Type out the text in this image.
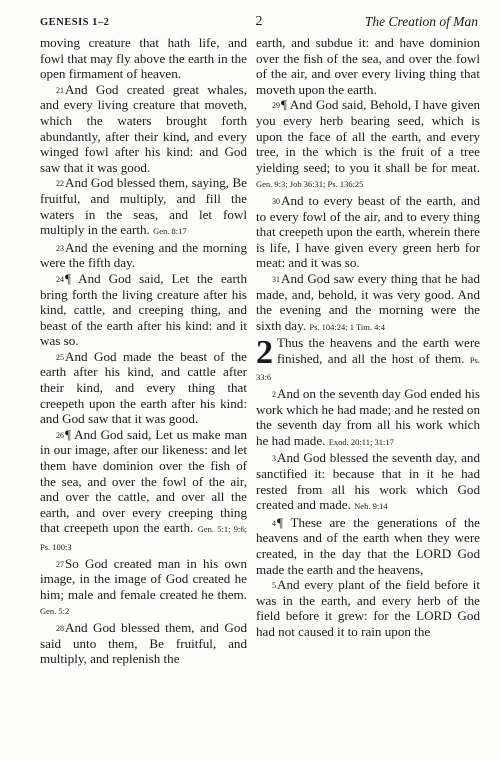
GENESIS 1–2	2	The Creation of Man

moving creature that hath life, and fowl that may fly above the earth in the open firmament of heaven.

$^{21}$And God created great whales, and every living creature that moveth, which the waters brought forth abundantly, after their kind, and every winged fowl after his kind: and God saw that it was good.

$^{22}$And God blessed them, saying, Be fruitful, and multiply, and fill the waters in the seas, and let fowl multiply in the earth. Gen. 8:17

$^{23}$And the evening and the morning were the fifth day.

$^{24}$¶ And God said, Let the earth bring forth the living creature after his kind, cattle, and creeping thing, and beast of the earth after his kind: and it was so.

$^{25}$And God made the beast of the earth after his kind, and cattle after their kind, and every thing that creepeth upon the earth after his kind: and God saw that it was good.

$^{26}$¶ And God said, Let us make man in our image, after our likeness: and let them have dominion over the fish of the sea, and over the fowl of the air, and over the cattle, and over all the earth, and over every creeping thing that creepeth upon the earth. Gen. 5:1; 9:6; Ps. 100:3

$^{27}$So God created man in his own image, in the image of God created he him; male and female created he them. Gen. 5:2

$^{28}$And God blessed them, and God said unto them, Be fruitful, and multiply, and replenish the

earth, and subdue it: and have dominion over the fish of the sea, and over the fowl of the air, and over every living thing that moveth upon the earth.

$^{29}$¶ And God said, Behold, I have given you every herb bearing seed, which is upon the face of all the earth, and every tree, in the which is the fruit of a tree yielding seed; to you it shall be for meat. Gen. 9:3; Job 36:31; Ps. 136:25

$^{30}$And to every beast of the earth, and to every fowl of the air, and to every thing that creepeth upon the earth, wherein there is life, I have given every green herb for meat: and it was so.

$^{31}$And God saw every thing that he had made, and, behold, it was very good. And the evening and the morning were the sixth day. Ps. 104:24; 1 Tim. 4:4

2 Thus the heavens and the earth were finished, and all the host of them. Ps. 33:6

$^2$And on the seventh day God ended his work which he had made; and he rested on the seventh day from all his work which he had made. Exod. 20:11; 31:17

$^3$And God blessed the seventh day, and sanctified it: because that in it he had rested from all his work which God created and made. Neh. 9:14

$^4$¶ These are the generations of the heavens and of the earth when they were created, in the day that the LORD God made the earth and the heavens,

$^5$And every plant of the field before it was in the earth, and every herb of the field before it grew: for the LORD God had not caused it to rain upon the
